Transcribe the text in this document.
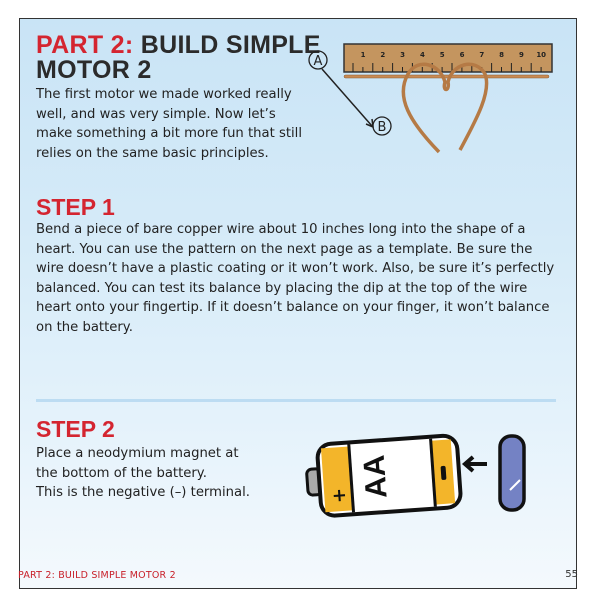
PART 2: BUILD SIMPLE
MOTOR 2
The first motor we made worked really well, and was very simple. Now let’s make something a bit more fun that still relies on the same basic principles.
1 2 3 4 5 6 7 8 9 10
A
B
STEP 1
Bend a piece of bare copper wire about 10 inches long into the shape of a heart. You can use the pattern on the next page as a template. Be sure the wire doesn’t have a plastic coating or it won’t work. Also, be sure it’s perfectly balanced. You can test its balance by placing the dip at the top of the wire heart onto your fingertip. If it doesn’t balance on your finger, it won’t balance on the battery.
STEP 2
Place a neodymium magnet at
the bottom of the battery.
This is the negative (–) terminal.	+ AA
PART 2: BUILD SIMPLE MOTOR 2	55
